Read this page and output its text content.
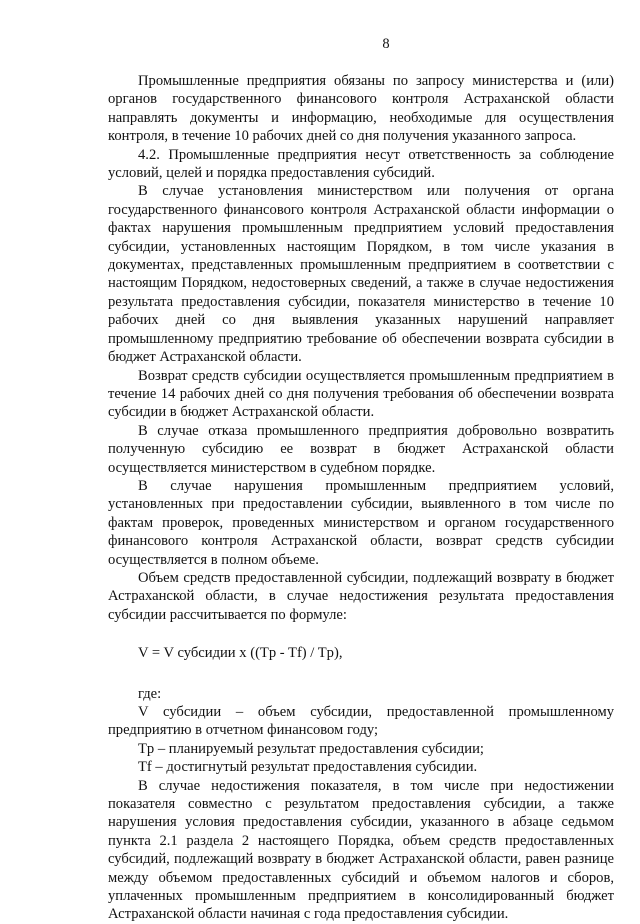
8

Промышленные предприятия обязаны по запросу министерства и (или) органов государственного финансового контроля Астраханской области направлять документы и информацию, необходимые для осуществления контроля, в течение 10 рабочих дней со дня получения указанного запроса.

4.2. Промышленные предприятия несут ответственность за соблюдение условий, целей и порядка предоставления субсидий.

В случае установления министерством или получения от органа государственного финансового контроля Астраханской области информации о фактах нарушения промышленным предприятием условий предоставления субсидии, установленных настоящим Порядком, в том числе указания в документах, представленных промышленным предприятием в соответствии с настоящим Порядком, недостоверных сведений, а также в случае недостижения результата предоставления субсидии, показателя министерство в течение 10 рабочих дней со дня выявления указанных нарушений направляет промышленному предприятию требование об обеспечении возврата субсидии в бюджет Астраханской области.

Возврат средств субсидии осуществляется промышленным предприятием в течение 14 рабочих дней со дня получения требования об обеспечении возврата субсидии в бюджет Астраханской области.

В случае отказа промышленного предприятия добровольно возвратить полученную субсидию ее возврат в бюджет Астраханской области осуществляется министерством в судебном порядке.

В случае нарушения промышленным предприятием условий, установленных при предоставлении субсидии, выявленного в том числе по фактам проверок, проведенных министерством и органом государственного финансового контроля Астраханской области, возврат средств субсидии осуществляется в полном объеме.

Объем средств предоставленной субсидии, подлежащий возврату в бюджет Астраханской области, в случае недостижения результата предоставления субсидии рассчитывается по формуле:

V = V субсидии x ((Tp - Tf) / Tp),

где:

V субсидии – объем субсидии, предоставленной промышленному предприятию в отчетном финансовом году;

Tp – планируемый результат предоставления субсидии;

Tf – достигнутый результат предоставления субсидии.

В случае недостижения показателя, в том числе при недостижении показателя совместно с результатом предоставления субсидии, а также нарушения условия предоставления субсидии, указанного в абзаце седьмом пункта 2.1 раздела 2 настоящего Порядка, объем средств предоставленных субсидий, подлежащий возврату в бюджет Астраханской области, равен разнице между объемом предоставленных субсидий и объемом налогов и сборов, уплаченных промышленным предприятием в консолидированный бюджет Астраханской области начиная с года предоставления субсидии.
